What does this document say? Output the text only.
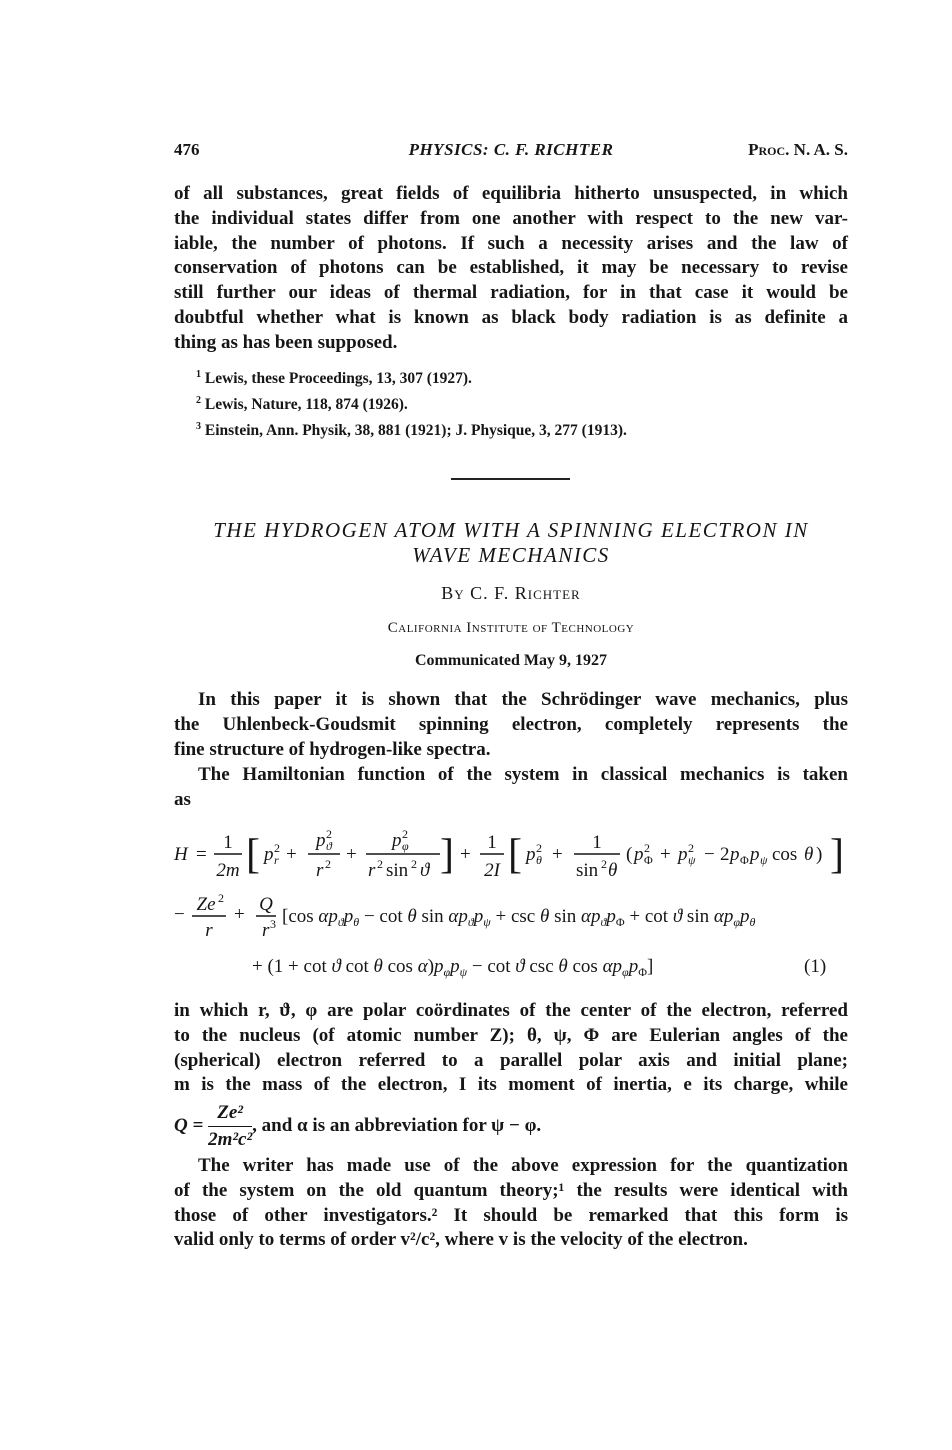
476	PHYSICS: C. F. RICHTER	Proc. N. A. S.
of all substances, great fields of equilibria hitherto unsuspected, in which
the individual states differ from one another with respect to the new var-
iable, the number of photons. If such a necessity arises and the law of
conservation of photons can be established, it may be necessary to revise
still further our ideas of thermal radiation, for in that case it would be
doubtful whether what is known as black body radiation is as definite a
thing as has been supposed.
$^1$ Lewis, these Proceedings, 13, 307 (1927).
$^2$ Lewis, Nature, 118, 874 (1926).
$^3$ Einstein, Ann. Physik, 38, 881 (1921); J. Physique, 3, 277 (1913).
THE HYDROGEN ATOM WITH A SPINNING ELECTRON IN
WAVE MECHANICS
By C. F. Richter
California Institute of Technology
Communicated May 9, 1927
In this paper it is shown that the Schrödinger wave mechanics, plus
the Uhlenbeck-Goudsmit spinning electron, completely represents the
fine structure of hydrogen-like spectra.
The Hamiltonian function of the system in classical mechanics is taken
as
H =
1
2m [ p 2
r +
p 2
ϑ
r 2 +
p 2
φ
r 2 sin 2 ϑ ] +
1
2I [ p 2
θ +
1
sin 2 θ
( p 2
Φ + p 2
ψ − 2 p Φ p ψ cos θ ) ]
− Ze 2
r
+ Q
r 3 [cos $\alpha p_ϑp_\theta - \cot \theta$ $\sin \alpha p_ϑp_\psi + \csc \theta$ $\sin \alpha p_ϑp_\Phi + \cot ϑ$ $\sin \alpha p_\varphi p_\theta$
+ (1 + cot ϑ cot θ $\cos \alpha)p_\varphi p_\psi - \cot ϑ$ csc θ $\cos \alpha p_\varphi p_\Phi$]	(1)
in which r, ϑ, φ are polar coördinates of the center of the electron, referred
to the nucleus (of atomic number Z); θ, ψ, Φ are Eulerian angles of the
(spherical) electron referred to a parallel polar axis and initial plane;
m is the mass of the electron, I its moment of inertia, e its charge, while
$Q = \frac{\text{Ze²}}{\text{2m²c²}}$ , and α is an abbreviation for ψ − φ.
The writer has made use of the above expression for the quantization
of the system on the old quantum theory;¹ the results were identical with
those of other investigators.² It should be remarked that this form is
valid only to terms of order v²/c², where v is the velocity of the electron.
